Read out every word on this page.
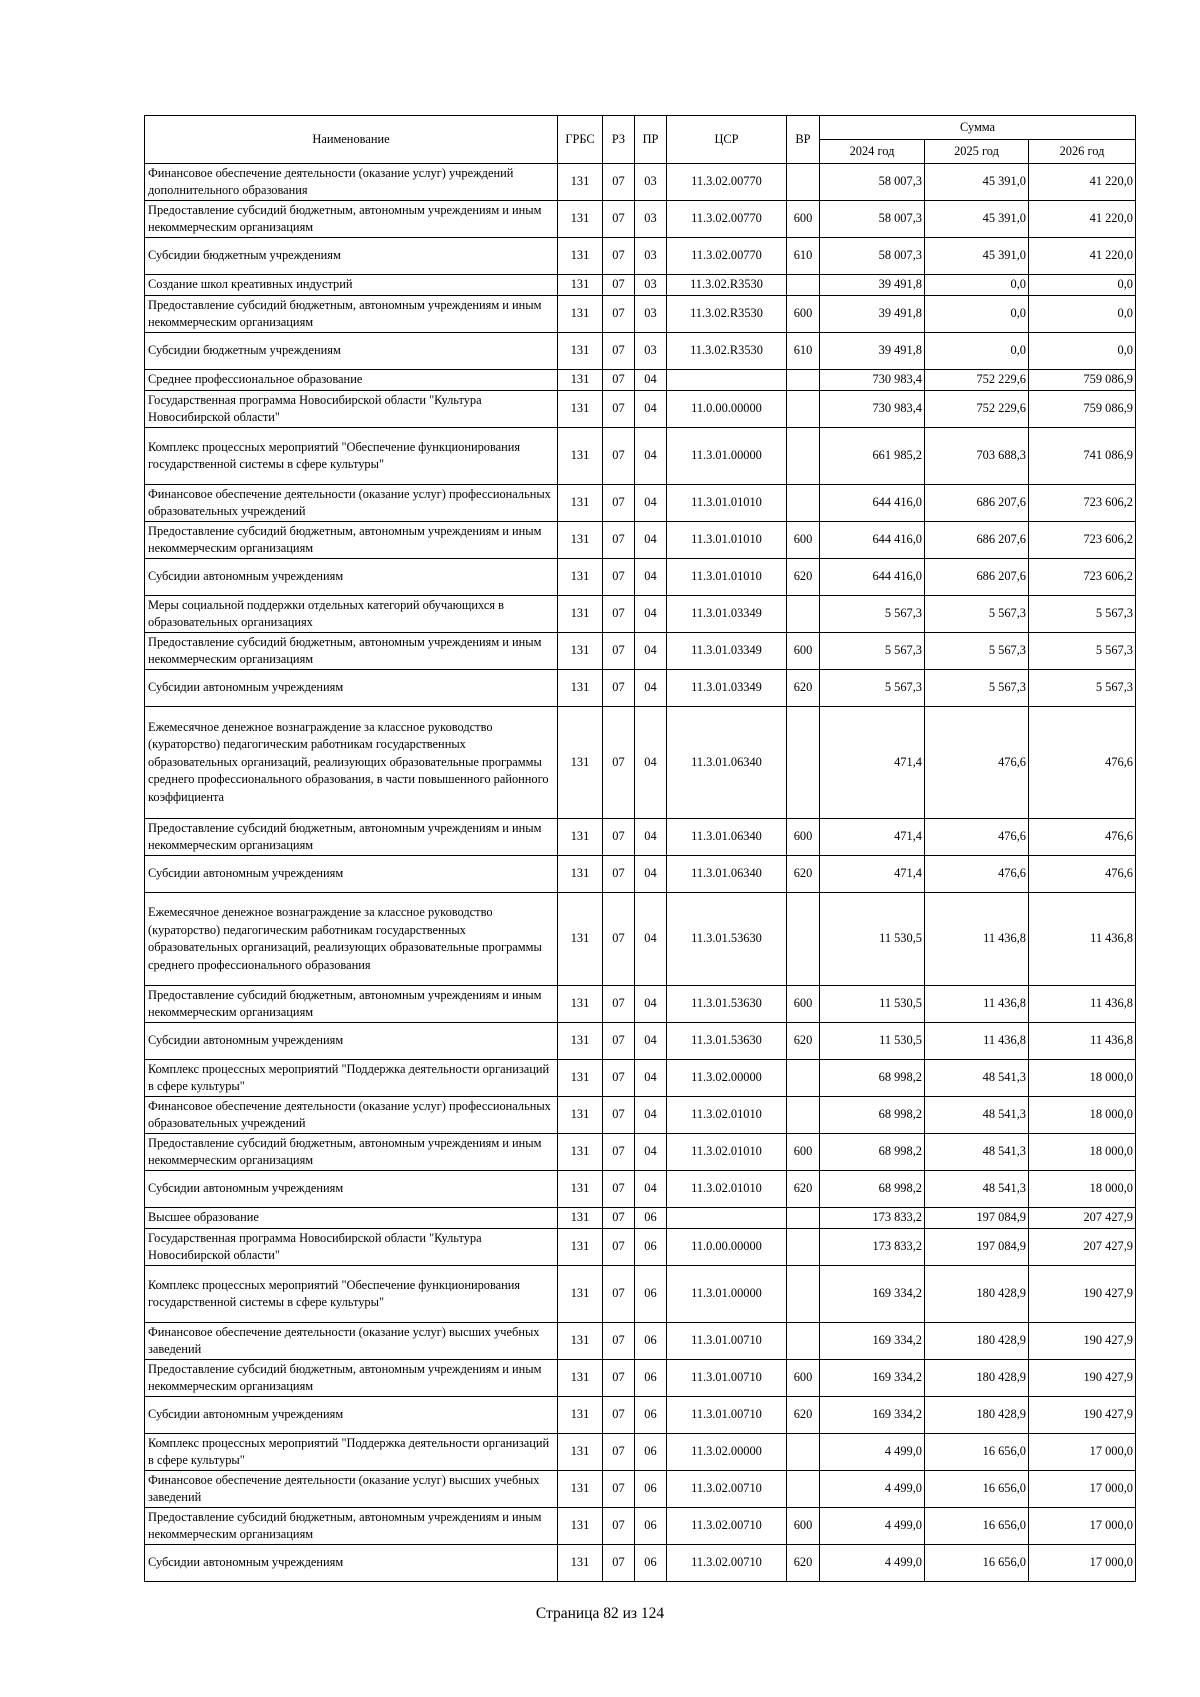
Наименование	ГРБС	РЗ	ПР	ЦСР	ВР	Сумма		
						2024 год	2025 год	2026 год
Финансовое обеспечение деятельности (оказание услуг) учреждений дополнительного образования	131	07	03	11.3.02.00770		58 007,3	45 391,0	41 220,0
Предоставление субсидий бюджетным, автономным учреждениям и иным некоммерческим организациям	131	07	03	11.3.02.00770	600	58 007,3	45 391,0	41 220,0
Субсидии бюджетным учреждениям	131	07	03	11.3.02.00770	610	58 007,3	45 391,0	41 220,0
Создание школ креативных индустрий	131	07	03	11.3.02.R3530		39 491,8	0,0	0,0
Предоставление субсидий бюджетным, автономным учреждениям и иным некоммерческим организациям	131	07	03	11.3.02.R3530	600	39 491,8	0,0	0,0
Субсидии бюджетным учреждениям	131	07	03	11.3.02.R3530	610	39 491,8	0,0	0,0
Среднее профессиональное образование	131	07	04			730 983,4	752 229,6	759 086,9
Государственная программа Новосибирской области "Культура Новосибирской области"	131	07	04	11.0.00.00000		730 983,4	752 229,6	759 086,9
Комплекс процессных мероприятий "Обеспечение функционирования государственной системы в сфере культуры"	131	07	04	11.3.01.00000		661 985,2	703 688,3	741 086,9
Финансовое обеспечение деятельности (оказание услуг) профессиональных образовательных учреждений	131	07	04	11.3.01.01010		644 416,0	686 207,6	723 606,2
Предоставление субсидий бюджетным, автономным учреждениям и иным некоммерческим организациям	131	07	04	11.3.01.01010	600	644 416,0	686 207,6	723 606,2
Субсидии автономным учреждениям	131	07	04	11.3.01.01010	620	644 416,0	686 207,6	723 606,2
Меры социальной поддержки отдельных категорий обучающихся в образовательных организациях	131	07	04	11.3.01.03349		5 567,3	5 567,3	5 567,3
Предоставление субсидий бюджетным, автономным учреждениям и иным некоммерческим организациям	131	07	04	11.3.01.03349	600	5 567,3	5 567,3	5 567,3
Субсидии автономным учреждениям	131	07	04	11.3.01.03349	620	5 567,3	5 567,3	5 567,3
Ежемесячное денежное вознаграждение за классное руководство (кураторство) педагогическим работникам государственных образовательных организаций, реализующих образовательные программы среднего профессионального образования, в части повышенного районного коэффициента	131	07	04	11.3.01.06340		471,4	476,6	476,6
Предоставление субсидий бюджетным, автономным учреждениям и иным некоммерческим организациям	131	07	04	11.3.01.06340	600	471,4	476,6	476,6
Субсидии автономным учреждениям	131	07	04	11.3.01.06340	620	471,4	476,6	476,6
Ежемесячное денежное вознаграждение за классное руководство (кураторство) педагогическим работникам государственных образовательных организаций, реализующих образовательные программы среднего профессионального образования	131	07	04	11.3.01.53630		11 530,5	11 436,8	11 436,8
Предоставление субсидий бюджетным, автономным учреждениям и иным некоммерческим организациям	131	07	04	11.3.01.53630	600	11 530,5	11 436,8	11 436,8
Субсидии автономным учреждениям	131	07	04	11.3.01.53630	620	11 530,5	11 436,8	11 436,8
Комплекс процессных мероприятий "Поддержка деятельности организаций в сфере культуры"	131	07	04	11.3.02.00000		68 998,2	48 541,3	18 000,0
Финансовое обеспечение деятельности (оказание услуг) профессиональных образовательных учреждений	131	07	04	11.3.02.01010		68 998,2	48 541,3	18 000,0
Предоставление субсидий бюджетным, автономным учреждениям и иным некоммерческим организациям	131	07	04	11.3.02.01010	600	68 998,2	48 541,3	18 000,0
Субсидии автономным учреждениям	131	07	04	11.3.02.01010	620	68 998,2	48 541,3	18 000,0
Высшее образование	131	07	06			173 833,2	197 084,9	207 427,9
Государственная программа Новосибирской области "Культура Новосибирской области"	131	07	06	11.0.00.00000		173 833,2	197 084,9	207 427,9
Комплекс процессных мероприятий "Обеспечение функционирования государственной системы в сфере культуры"	131	07	06	11.3.01.00000		169 334,2	180 428,9	190 427,9
Финансовое обеспечение деятельности (оказание услуг) высших учебных заведений	131	07	06	11.3.01.00710		169 334,2	180 428,9	190 427,9
Предоставление субсидий бюджетным, автономным учреждениям и иным некоммерческим организациям	131	07	06	11.3.01.00710	600	169 334,2	180 428,9	190 427,9
Субсидии автономным учреждениям	131	07	06	11.3.01.00710	620	169 334,2	180 428,9	190 427,9
Комплекс процессных мероприятий "Поддержка деятельности организаций в сфере культуры"	131	07	06	11.3.02.00000		4 499,0	16 656,0	17 000,0
Финансовое обеспечение деятельности (оказание услуг) высших учебных заведений	131	07	06	11.3.02.00710		4 499,0	16 656,0	17 000,0
Предоставление субсидий бюджетным, автономным учреждениям и иным некоммерческим организациям	131	07	06	11.3.02.00710	600	4 499,0	16 656,0	17 000,0
Субсидии автономным учреждениям	131	07	06	11.3.02.00710	620	4 499,0	16 656,0	17 000,0
Страница 82 из 124
